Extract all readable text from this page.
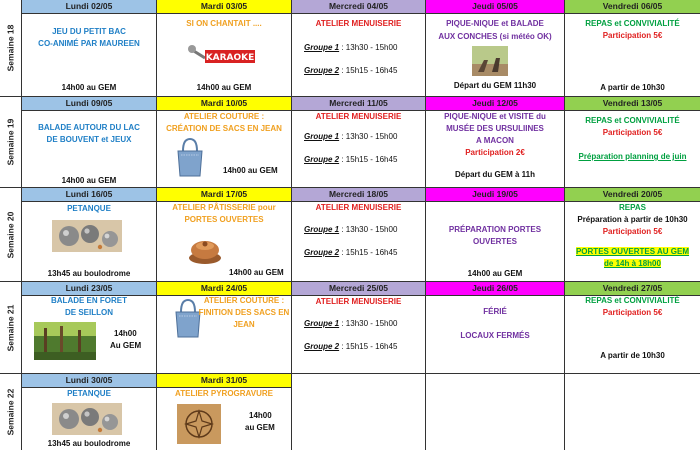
Semaine 18
Lundi 02/05
JEU DU PETIT BAC
CO-ANIMÉ PAR MAUREEN
14h00 au GEM
Mardi 03/05
SI ON CHANTAIT ....
KARAOKE
14h00 au GEM
Mercredi 04/05
ATELIER MENUISERIE
Groupe 1 : 13h30 - 15h00
Groupe 2 : 15h15 - 16h45
Jeudi 05/05
PIQUE-NIQUE et BALADE
AUX CONCHES (si météo OK)
Départ du GEM 11h30
Vendredi 06/05
REPAS et CONVIVIALITÉ
Participation 5€
A partir de 10h30
Semaine 19
Lundi 09/05
BALADE AUTOUR DU LAC
DE BOUVENT et JEUX
14h00 au GEM
Mardi 10/05
ATELIER COUTURE :
CRÉATION DE SACS EN JEAN
14h00 au GEM
Mercredi 11/05
ATELIER MENUISERIE
Groupe 1 : 13h30 - 15h00
Groupe 2 : 15h15 - 16h45
Jeudi 12/05
PIQUE-NIQUE et VISITE du
MUSÉE DES URSULIINES
A MACON
Participation 2€
Départ du GEM à 11h
Vendredi 13/05
REPAS et CONVIVIALITÉ
Participation 5€
Préparation planning de juin
Semaine 20
Lundi 16/05
PETANQUE
13h45 au boulodrome
Mardi 17/05
ATELIER PÂTISSERIE pour
PORTES OUVERTES
14h00 au GEM
Mercredi 18/05
ATELIER MENUISERIE
Groupe 1 : 13h30 - 15h00
Groupe 2 : 15h15 - 16h45
Jeudi 19/05
PRÉPARATION PORTES
OUVERTES
14h00 au GEM
Vendredi 20/05
REPAS
Préparation à partir de 10h30
Participation 5€
PORTES OUVERTES AU GEM
de 14h à 18h00
Semaine 21
Lundi 23/05
BALADE EN FORET
DE SEILLON
14h00
Au GEM
Mardi 24/05
ATELIER COUTURE :
FINITION DES SACS EN
JEAN
Mercredi 25/05
ATELIER MENUISERIE
Groupe 1 : 13h30 - 15h00
Groupe 2 : 15h15 - 16h45
Jeudi 26/05
FÉRIÉ
LOCAUX FERMÉS
Vendredi 27/05
REPAS et CONVIVIALITÉ
Participation 5€
A partir de 10h30
Semaine 22
Lundi 30/05
PETANQUE
13h45 au boulodrome
Mardi 31/05
ATELIER PYROGRAVURE
14h00
au GEM
